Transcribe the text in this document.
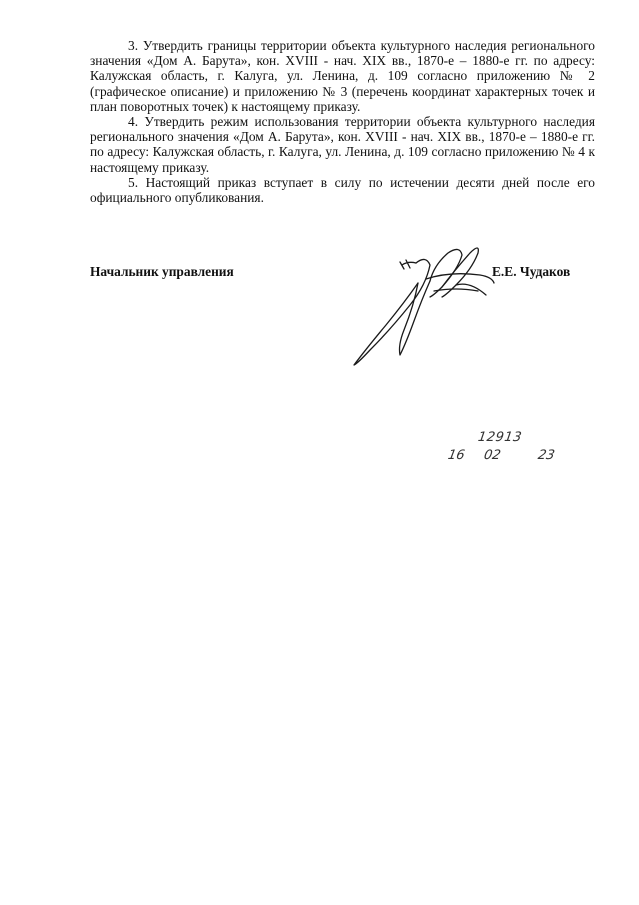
3. Утвердить границы территории объекта культурного наследия регионального значения «Дом А. Барута», кон. XVIII - нач. XIX вв., 1870-е – 1880-е гг. по адресу: Калужская область, г. Калуга, ул. Ленина, д. 109 согласно приложению № 2 (графическое описание) и приложению № 3 (перечень координат характерных точек и план поворотных точек) к настоящему приказу.

4. Утвердить режим использования территории объекта культурного наследия регионального значения «Дом А. Барута», кон. XVIII - нач. XIX вв., 1870-е – 1880-е гг. по адресу: Калужская область, г. Калуга, ул. Ленина, д. 109 согласно приложению № 4 к настоящему приказу.

5. Настоящий приказ вступает в силу по истечении десяти дней после его официального опубликования.

Начальник управления	Е.Е. Чудаков
12913
16 02	23
